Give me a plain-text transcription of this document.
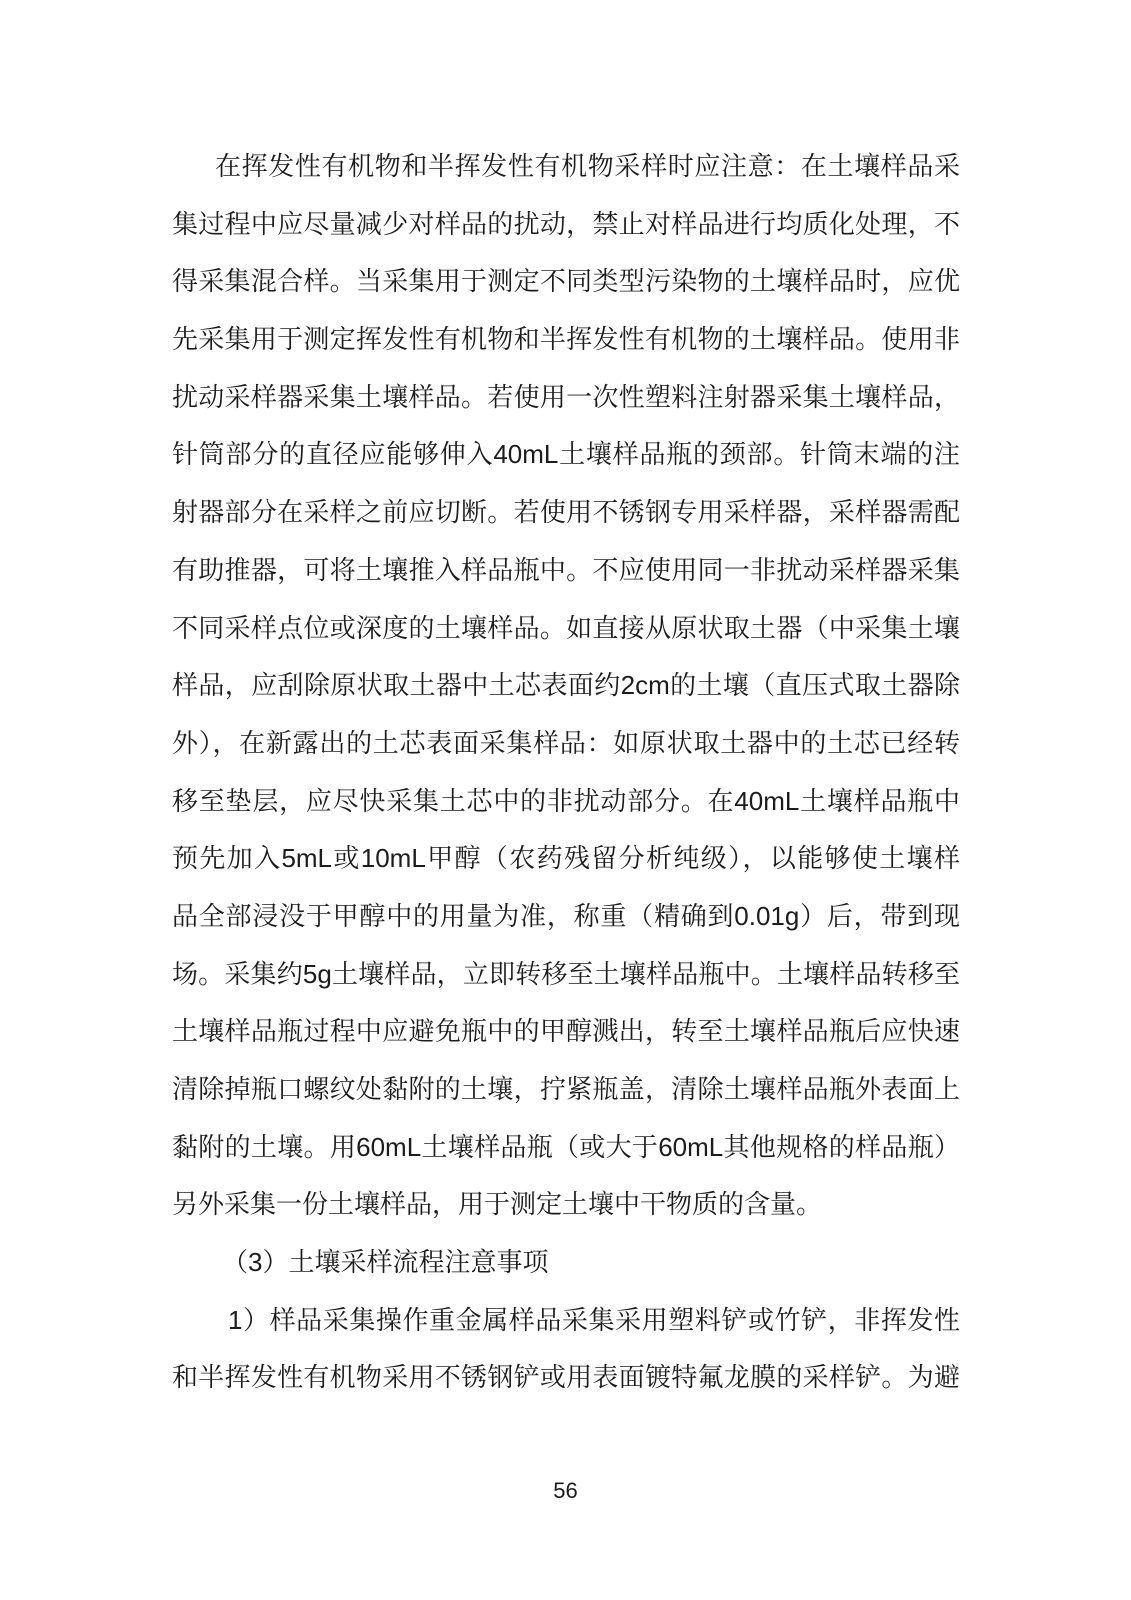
在挥发性有机物和半挥发性有机物采样时应注意：在土壤样品采
集过程中应尽量减少对样品的扰动，禁止对样品进行均质化处理，不
得采集混合样。当采集用于测定不同类型污染物的土壤样品时，应优
先采集用于测定挥发性有机物和半挥发性有机物的土壤样品。使用非
扰动采样器采集土壤样品。若使用一次性塑料注射器采集土壤样品，
针筒部分的直径应能够伸入40mL土壤样品瓶的颈部。针筒末端的注
射器部分在采样之前应切断。若使用不锈钢专用采样器，采样器需配
有助推器，可将土壤推入样品瓶中。不应使用同一非扰动采样器采集
不同采样点位或深度的土壤样品。如直接从原状取土器（中采集土壤
样品，应刮除原状取土器中土芯表面约2cm的土壤（直压式取土器除
外），在新露出的土芯表面采集样品：如原状取土器中的土芯已经转
移至垫层，应尽快采集土芯中的非扰动部分。在40mL土壤样品瓶中
预先加入5mL或10mL甲醇（农药残留分析纯级），以能够使土壤样
品全部浸没于甲醇中的用量为准，称重（精确到0.01g）后，带到现
场。采集约5g土壤样品，立即转移至土壤样品瓶中。土壤样品转移至
土壤样品瓶过程中应避免瓶中的甲醇溅出，转至土壤样品瓶后应快速
清除掉瓶口螺纹处黏附的土壤，拧紧瓶盖，清除土壤样品瓶外表面上
黏附的土壤。用60mL土壤样品瓶（或大于60mL其他规格的样品瓶）
另外采集一份土壤样品，用于测定土壤中干物质的含量。
（3）土壤采样流程注意事项
1）样品采集操作重金属样品采集采用塑料铲或竹铲，非挥发性
和半挥发性有机物采用不锈钢铲或用表面镀特氟龙膜的采样铲。为避
56
